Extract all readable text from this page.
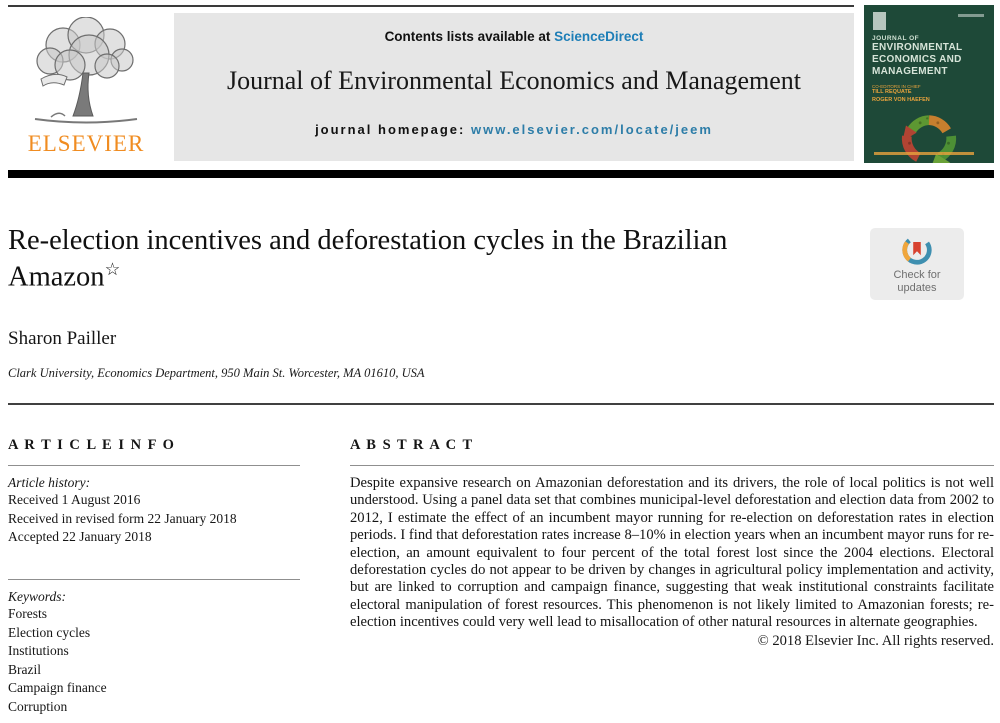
ELSEVIER
Contents lists available at ScienceDirect
Journal of Environmental Economics and Management
journal homepage: www.elsevier.com/locate/jeem
JOURNAL OF
ENVIRONMENTAL
ECONOMICS AND
MANAGEMENT
CO-EDITORS IN CHIEF
TILL REQUATE
ROGER VON HAEFEN
Re-election incentives and deforestation cycles in the Brazilian Amazon☆	Check for
updates
Sharon Pailler
Clark University, Economics Department, 950 Main St. Worcester, MA 01610, USA
A R T I C L E I N F O
Article history:
Received 1 August 2016
Received in revised form 22 January 2018
Accepted 22 January 2018
Keywords:
Forests
Election cycles
Institutions
Brazil
Campaign finance
Corruption
A B S T R A C T

Despite expansive research on Amazonian deforestation and its drivers, the role of local politics is not well understood. Using a panel data set that combines municipal-level deforestation and election data from 2002 to 2012, I estimate the effect of an incumbent mayor running for re-election on deforestation rates in election periods. I find that deforestation rates increase 8–10% in election years when an incumbent mayor runs for re-election, an amount equivalent to four percent of the total forest lost since the 2004 elections. Electoral deforestation cycles do not appear to be driven by changes in agricultural policy implementation and activity, but are linked to corruption and campaign finance, suggesting that weak institutional constraints facilitate electoral manipulation of forest resources. This phenomenon is not likely limited to Amazonian forests; re-election incentives could very well lead to misallocation of other natural resources in alternate geographies.

© 2018 Elsevier Inc. All rights reserved.
